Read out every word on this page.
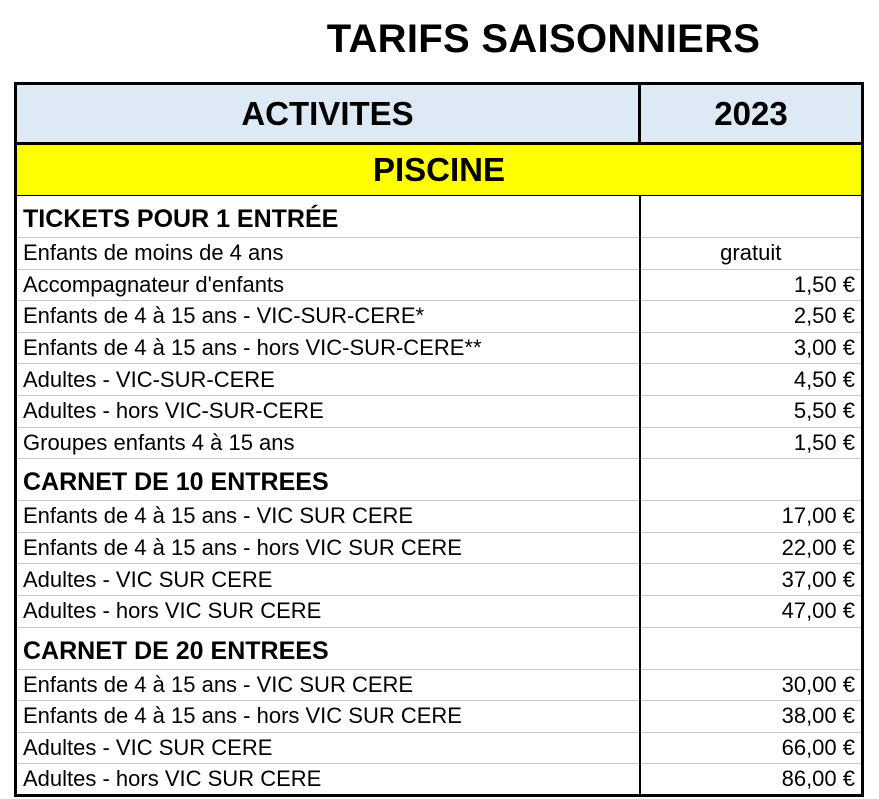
TARIFS SAISONNIERS
ACTIVITES	2023
PISCINE	
TICKETS POUR 1 ENTRÉE	
Enfants de moins de 4 ans	gratuit
Accompagnateur d'enfants	1,50 €
Enfants de 4 à 15 ans - VIC-SUR-CERE*	2,50 €
Enfants de 4 à 15 ans - hors VIC-SUR-CERE**	3,00 €
Adultes - VIC-SUR-CERE	4,50 €
Adultes - hors VIC-SUR-CERE	5,50 €
Groupes enfants 4 à 15 ans	1,50 €
CARNET DE 10 ENTREES	
Enfants de 4 à 15 ans - VIC SUR CERE	17,00 €
Enfants de 4 à 15 ans - hors VIC SUR CERE	22,00 €
Adultes - VIC SUR CERE	37,00 €
Adultes - hors VIC SUR CERE	47,00 €
CARNET DE 20 ENTREES	
Enfants de 4 à 15 ans - VIC SUR CERE	30,00 €
Enfants de 4 à 15 ans - hors VIC SUR CERE	38,00 €
Adultes - VIC SUR CERE	66,00 €
Adultes - hors VIC SUR CERE	86,00 €
